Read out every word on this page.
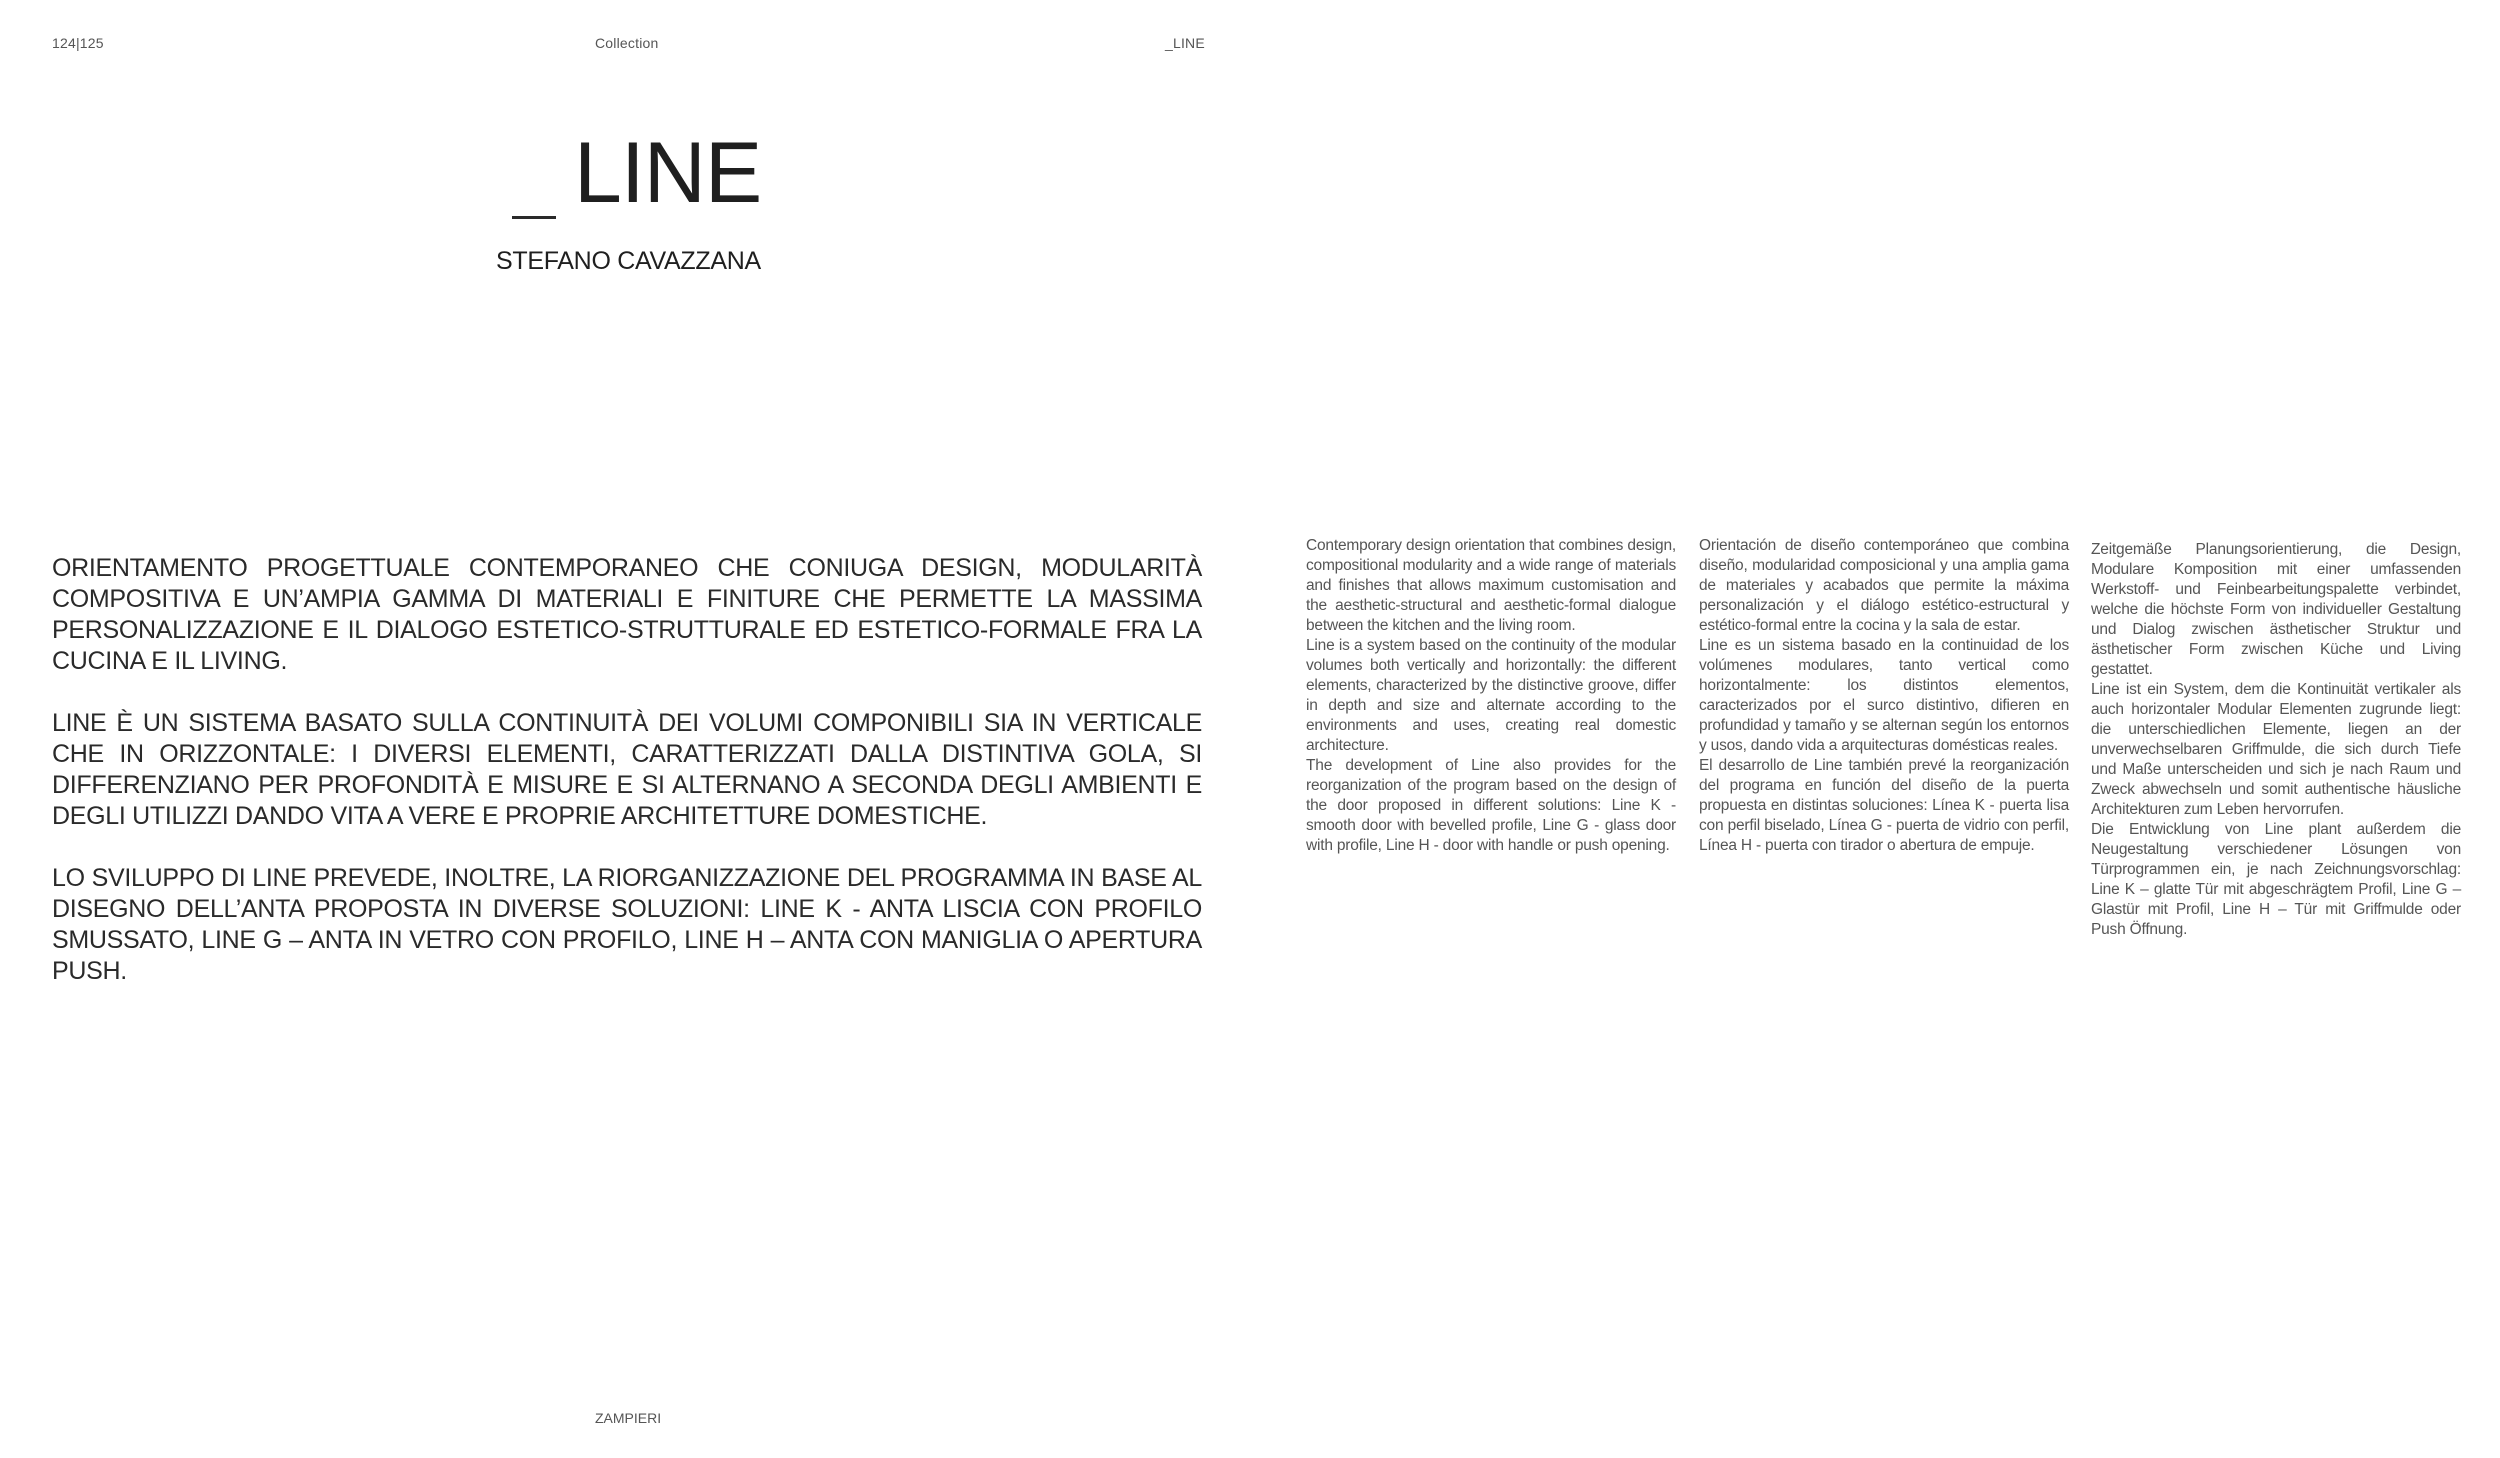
124|125	Collection	_LINE
LINE
STEFANO CAVAZZANA

ORIENTAMENTO PROGETTUALE CONTEMPORANEO CHE CONIUGA DESIGN, MODULARITÀ COMPOSITIVA E UN’AMPIA GAMMA DI MATERIALI E FINITURE CHE PERMETTE LA MASSIMA PERSONALIZZAZIONE E IL DIALOGO ESTETICO-STRUTTURALE ED ESTETICO-FORMALE FRA LA CUCINA E IL LIVING.

LINE È UN SISTEMA BASATO SULLA CONTINUITÀ DEI VOLUMI COMPONIBILI SIA IN VERTICALE CHE IN ORIZZONTALE: I DIVERSI ELEMENTI, CARATTERIZZATI DALLA DISTINTIVA GOLA, SI DIFFERENZIANO PER PROFONDITÀ E MISURE E SI ALTERNANO A SECONDA DEGLI AMBIENTI E DEGLI UTILIZZI DANDO VITA A VERE E PROPRIE ARCHITETTURE DOMESTICHE.

LO SVILUPPO DI LINE PREVEDE, INOLTRE, LA RIORGANIZZAZIONE DEL PROGRAMMA IN BASE AL DISEGNO DELL’ANTA PROPOSTA IN DIVERSE SOLUZIONI: LINE K - ANTA LISCIA CON PROFILO SMUSSATO, LINE G – ANTA IN VETRO CON PROFILO, LINE H – ANTA CON MANIGLIA O APERTURA PUSH.

Contemporary design orientation that combines design, compositional modularity and a wide range of materials and finishes that allows maximum customisation and the aesthetic-structural and aesthetic-formal dialogue between the kitchen and the living room.

Line is a system based on the continuity of the modular volumes both vertically and horizontally: the different elements, characterized by the distinctive groove, differ in depth and size and alternate according to the environments and uses, creating real domestic architecture.

The development of Line also provides for the reorganization of the program based on the design of the door proposed in different solutions: Line K - smooth door with bevelled profile, Line G - glass door with profile, Line H - door with handle or push opening.

Orientación de diseño contemporáneo que combina diseño, modularidad composicional y una amplia gama de materiales y acabados que permite la máxima personalización y el diálogo estético-estructural y estético-formal entre la cocina y la sala de estar.

Line es un sistema basado en la continuidad de los volúmenes modulares, tanto vertical como horizontalmente: los distintos elementos, caracterizados por el surco distintivo, difieren en profundidad y tamaño y se alternan según los entornos y usos, dando vida a arquitecturas domésticas reales.

El desarrollo de Line también prevé la reorganización del programa en función del diseño de la puerta propuesta en distintas soluciones: Línea K - puerta lisa con perfil biselado, Línea G - puerta de vidrio con perfil, Línea H - puerta con tirador o abertura de empuje.

Zeitgemäße Planungsorientierung, die Design, Modulare Komposition mit einer umfassenden Werkstoff- und Feinbearbeitungspalette verbindet, welche die höchste Form von individueller Gestaltung und Dialog zwischen ästhetischer Struktur und ästhetischer Form zwischen Küche und Living gestattet.

Line ist ein System, dem die Kontinuität vertikaler als auch horizontaler Modular Elementen zugrunde liegt: die unterschiedlichen Elemente, liegen an der unverwechselbaren Griffmulde, die sich durch Tiefe und Maße unterscheiden und sich je nach Raum und Zweck abwechseln und somit authentische häusliche Architekturen zum Leben hervorrufen.

Die Entwicklung von Line plant außerdem die Neugestaltung verschiedener Lösungen von Türprogrammen ein, je nach Zeichnungsvorschlag: Line K – glatte Tür mit abgeschrägtem Profil, Line G – Glastür mit Profil, Line H – Tür mit Griffmulde oder Push Öffnung.

ZAMPIERI
